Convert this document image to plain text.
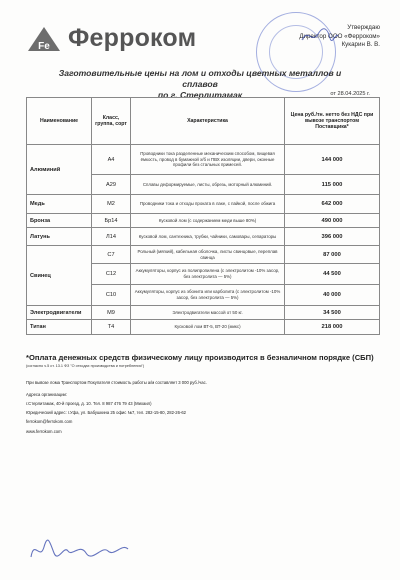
Fe Ферроком	Утверждаю
Директор ООО «Ферроком»
Кукарин В. В.
Заготовительные цены на лом и отходы цветных металлов и сплавов
по г. Стерлитамак	от 28.04.2025 г.
Наименование	Класс, группа, сорт	Характеристика	Цена руб./тн. нетто без НДС при вывозе транспортом Поставщика*
Алюминий	А4	Проводники тока разделенные механическим способом, пищевая ёмкость, провод в бумажной х/б и ПВХ изоляции, двери, оконные профили без стальных примесей.	144 000
	А29	Сплавы деформируемые, листы, обрезь, моторный алюминий.	115 000
Медь	М2	Проводники тока и отходы проката в лаке, с пайкой, после обжига	642 000
Бронза	Бр14	Кусковой лом (с содержанием меди выше 80%)	490 000
Латунь	Л14	Кусковой лом, сантехника, трубки, чайники, самовары, сепараторы	396 000
Свинец	С7	Рольный (мягкий), кабельная оболочка, листы свинцовые, переплав свинца	87 000
	С12	Аккумуляторы, корпус из полипропилена (с электролитом -10% засор, без электролита — 5%)	44 500
	С10	Аккумуляторы, корпус из эбонита или карболита (с электролитом -10% засор, без электролита — 5%)	40 000
Электродвигатели	М9	Электродвигатели массой от 50 кг.	34 500
Титан	Т4	Кусковой лом ВТ-5, ВТ-20 (микс)	218 000
*Оплата денежных средств физическому лицу производится в безналичном порядке (СБП)
(согласно ч.5 ст. 13.1 ФЗ "О отходах производства и потребления")
При вывозе лома Транспортом Покупателя стоимость работы а/м составляет 3 000 руб./час.
Адреса организации:
г.Стерлитамак, 40-й проезд, д. 10. Тел. 8 987 476 79 43 (Михаил)
Юридический адрес: г.Уфа, ул. Бабушкина 25 офис №7, тел. 282-15-80, 282-26-62
ferrokom@ferrokom.com
www.ferrokom.com
